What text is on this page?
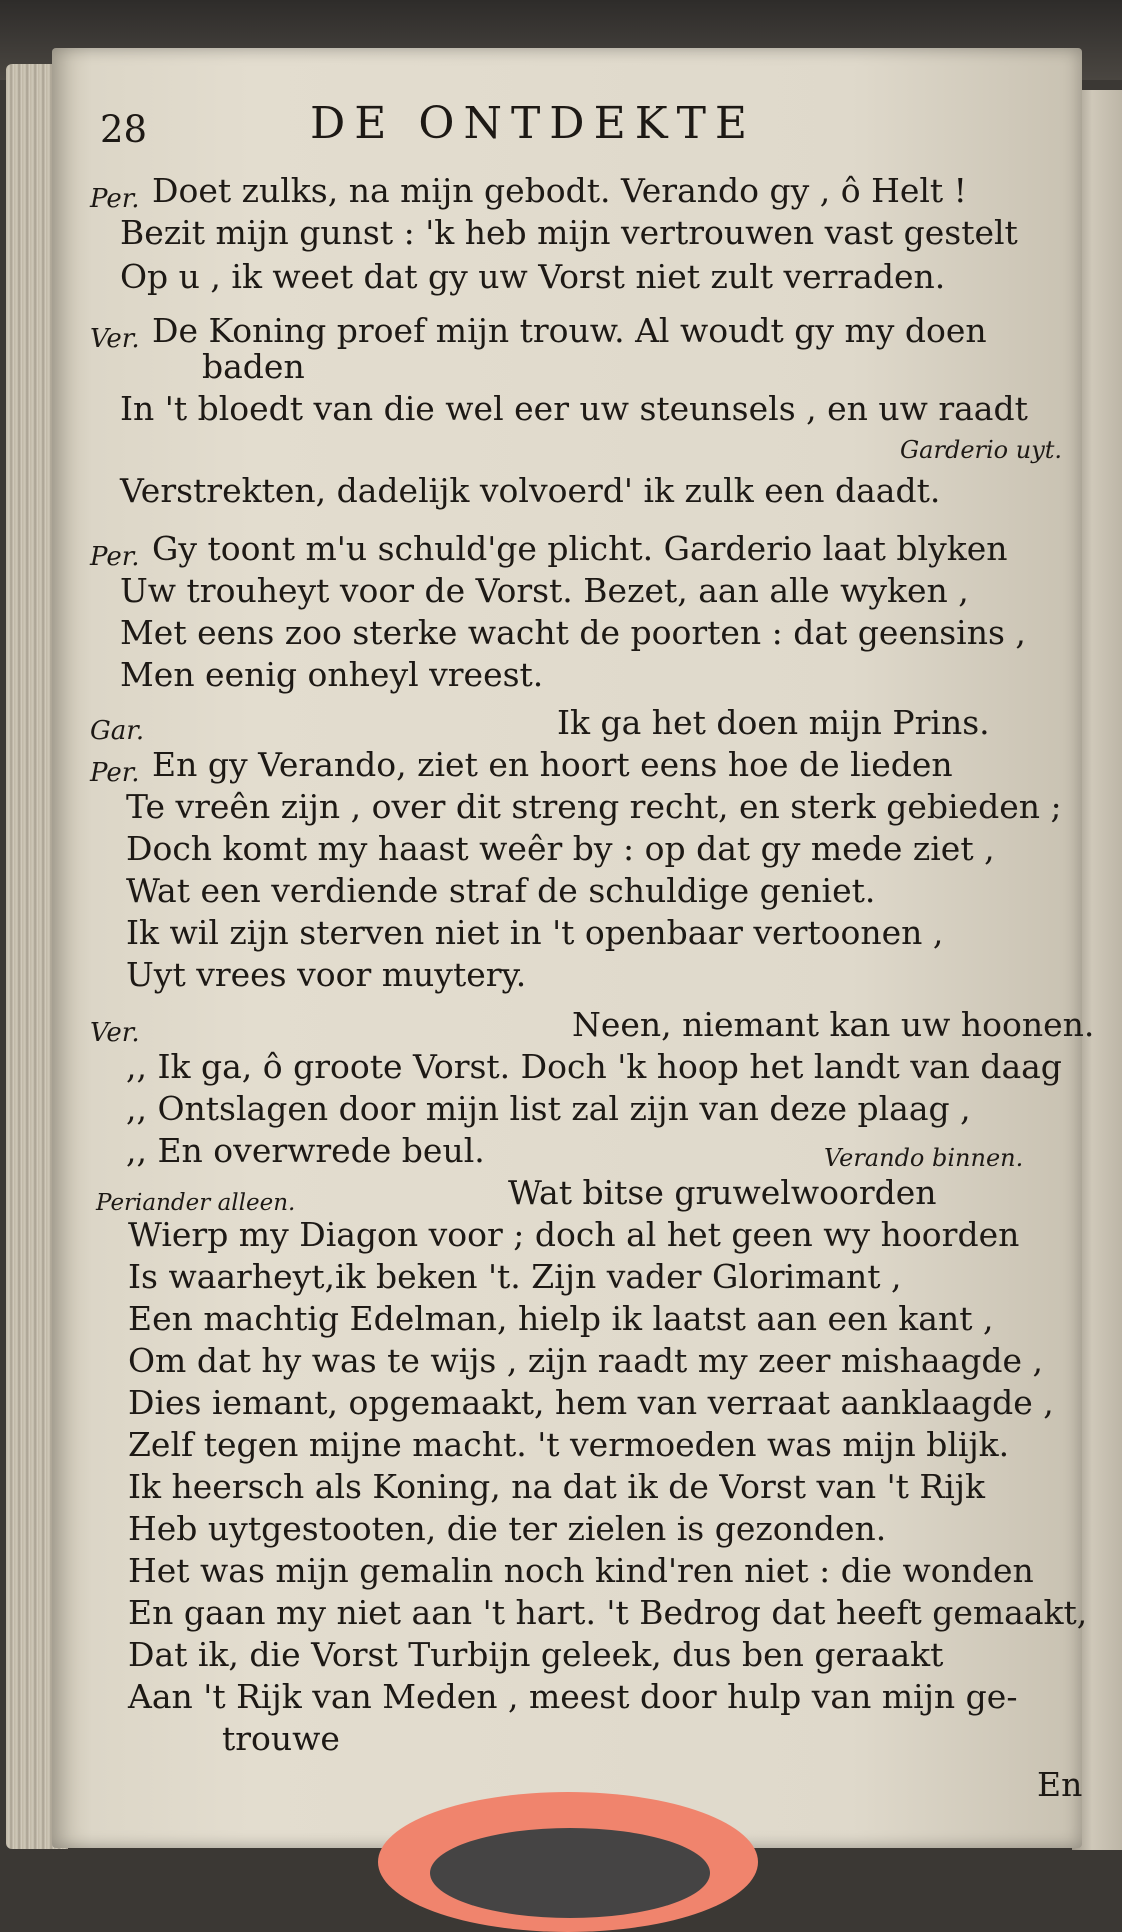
28	DE ONTDEKTE
Per. Doet zulks, na mijn gebodt. Verando gy , ô Helt !
Bezit mijn gunst : 'k heb mijn vertrouwen vast gestelt
Op u , ik weet dat gy uw Vorst niet zult verraden.
Ver. De Koning proef mijn trouw. Al woudt gy my doen
baden
In 't bloedt van die wel eer uw steunsels , en uw raadt
Garderio uyt.
Verstrekten, dadelijk volvoerd' ik zulk een daadt.
Per. Gy toont m'u schuld'ge plicht. Garderio laat blyken
Uw trouheyt voor de Vorst. Bezet, aan alle wyken ,
Met eens zoo sterke wacht de poorten : dat geensins ,
Men eenig onheyl vreest.
Gar.	Ik ga het doen mijn Prins.
Per. En gy Verando, ziet en hoort eens hoe de lieden
Te vreên zijn , over dit streng recht, en sterk gebieden ;
Doch komt my haast weêr by : op dat gy mede ziet ,
Wat een verdiende straf de schuldige geniet.
Ik wil zijn sterven niet in 't openbaar vertoonen ,
Uyt vrees voor muytery.
Ver.	Neen, niemant kan uw hoonen.
,, Ik ga, ô groote Vorst. Doch 'k hoop het landt van daag
,, Ontslagen door mijn list zal zijn van deze plaag ,
,, En overwrede beul.	Verando binnen.
Periander alleen.	Wat bitse gruwelwoorden
Wierp my Diagon voor ; doch al het geen wy hoorden
Is waarheyt,ik beken 't. Zijn vader Glorimant ,
Een machtig Edelman, hielp ik laatst aan een kant ,
Om dat hy was te wijs , zijn raadt my zeer mishaagde ,
Dies iemant, opgemaakt, hem van verraat aanklaagde ,
Zelf tegen mijne macht. 't vermoeden was mijn blijk.
Ik heersch als Koning, na dat ik de Vorst van 't Rijk
Heb uytgestooten, die ter zielen is gezonden.
Het was mijn gemalin noch kind'ren niet : die wonden
En gaan my niet aan 't hart. 't Bedrog dat heeft gemaakt,
Dat ik, die Vorst Turbijn geleek, dus ben geraakt
Aan 't Rijk van Meden , meest door hulp van mijn ge-
trouwe
En
